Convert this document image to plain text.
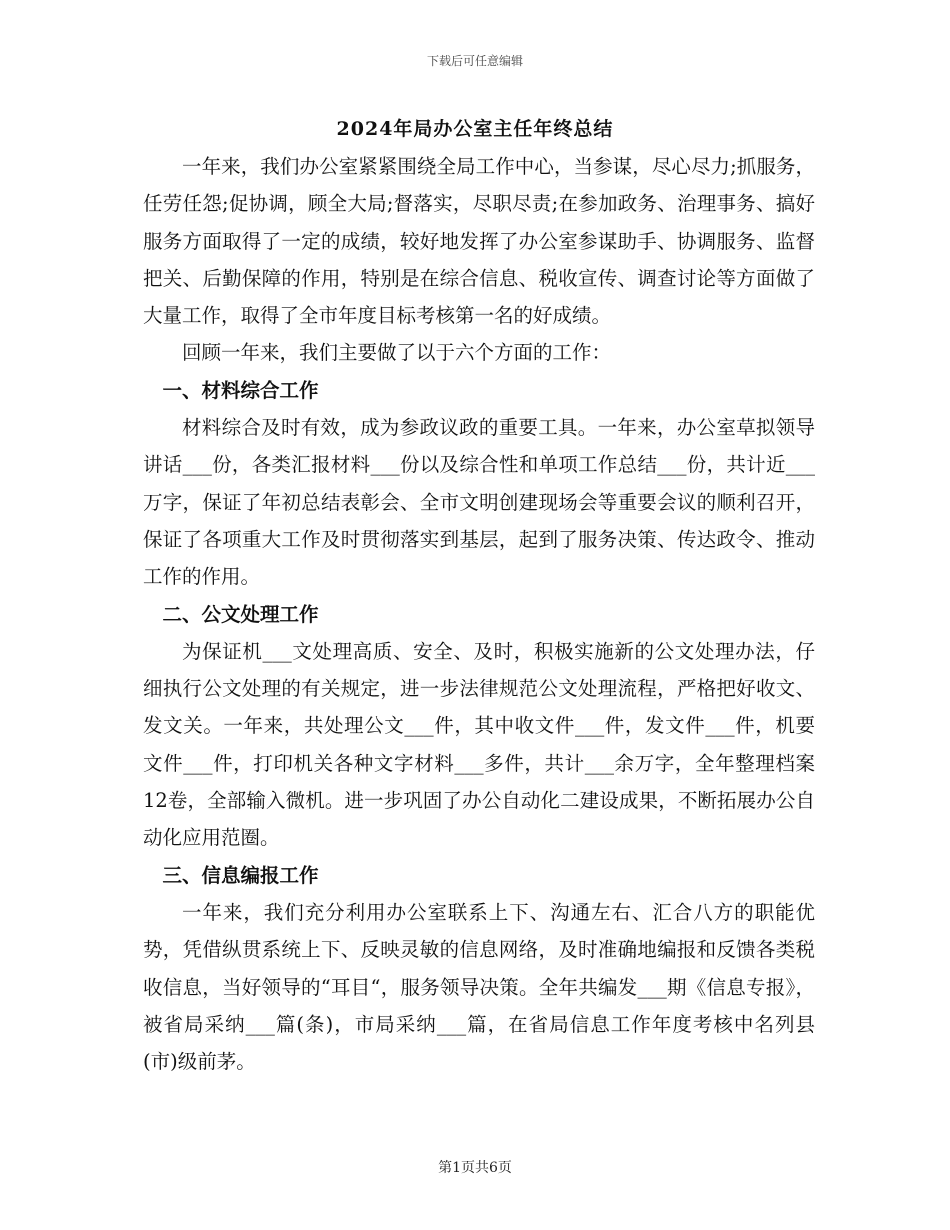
下载后可任意编辑
2024年局办公室主任年终总结

一年来，我们办公室紧紧围绕全局工作中心，当参谋，尽心尽力;抓服务，任劳任怨;促协调，顾全大局;督落实，尽职尽责;在参加政务、治理事务、搞好服务方面取得了一定的成绩，较好地发挥了办公室参谋助手、协调服务、监督把关、后勤保障的作用，特别是在综合信息、税收宣传、调查讨论等方面做了大量工作，取得了全市年度目标考核第一名的好成绩。

回顾一年来，我们主要做了以于六个方面的工作：

一、材料综合工作

材料综合及时有效，成为参政议政的重要工具。一年来，办公室草拟领导讲话___份，各类汇报材料___份以及综合性和单项工作总结___份，共计近___万字，保证了年初总结表彰会、全市文明创建现场会等重要会议的顺利召开，保证了各项重大工作及时贯彻落实到基层，起到了服务决策、传达政令、推动工作的作用。

二、公文处理工作

为保证机___文处理高质、安全、及时，积极实施新的公文处理办法，仔细执行公文处理的有关规定，进一步法律规范公文处理流程，严格把好收文、发文关。一年来，共处理公文___件，其中收文件___件，发文件___件，机要文件___件，打印机关各种文字材料___多件，共计___余万字，全年整理档案12卷，全部输入微机。进一步巩固了办公自动化二建设成果，不断拓展办公自动化应用范圈。

三、信息编报工作

一年来，我们充分利用办公室联系上下、沟通左右、汇合八方的职能优势，凭借纵贯系统上下、反映灵敏的信息网络，及时准确地编报和反馈各类税收信息，当好领导的“耳目“，服务领导决策。全年共编发___期《信息专报》，被省局采纳___篇(条)，市局采纳___篇，在省局信息工作年度考核中名列县(市)级前茅。

第1页共6页
